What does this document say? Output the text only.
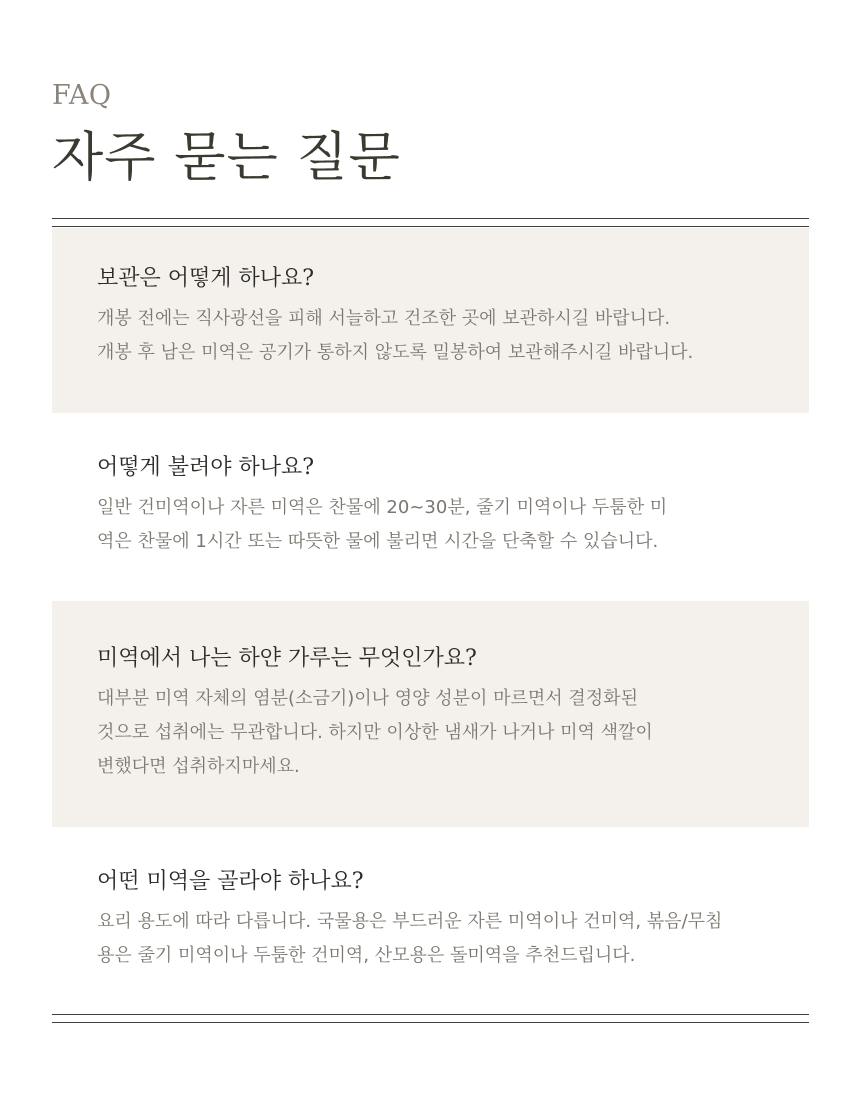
FAQ
자주 묻는 질문
보관은 어떻게 하나요?
개봉 전에는 직사광선을 피해 서늘하고 건조한 곳에 보관하시길 바랍니다.
개봉 후 남은 미역은 공기가 통하지 않도록 밀봉하여 보관해주시길 바랍니다.
어떻게 불려야 하나요?
일반 건미역이나 자른 미역은 찬물에 20~30분, 줄기 미역이나 두툼한 미
역은 찬물에 1시간 또는 따뜻한 물에 불리면 시간을 단축할 수 있습니다.
미역에서 나는 하얀 가루는 무엇인가요?
대부분 미역 자체의 염분(소금기)이나 영양 성분이 마르면서 결정화된
것으로 섭취에는 무관합니다. 하지만 이상한 냄새가 나거나 미역 색깔이
변했다면 섭취하지마세요.
어떤 미역을 골라야 하나요?
요리 용도에 따라 다릅니다. 국물용은 부드러운 자른 미역이나 건미역, 볶음/무침
용은 줄기 미역이나 두툼한 건미역, 산모용은 돌미역을 추천드립니다.
